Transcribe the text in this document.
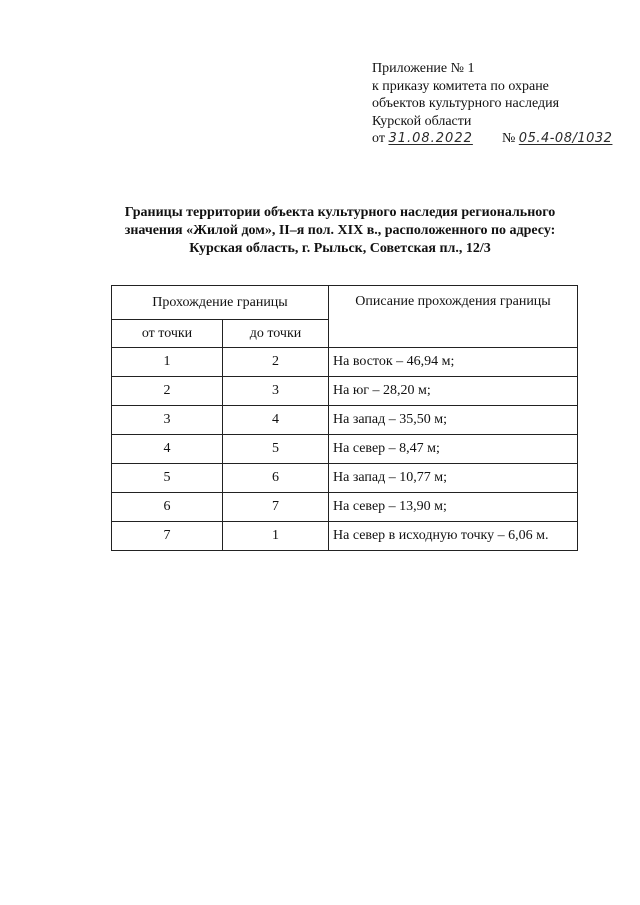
Приложение № 1
к приказу комитета по охране
объектов культурного наследия
Курской области
от 31.08.2022 № 05.4-08/1032
Границы территории объекта культурного наследия регионального
значения «Жилой дом», II–я пол. XIX в., расположенного по адресу:
Курская область, г. Рыльск, Советская пл., 12/3
Прохождение границы		Описание прохождения границы
от точки	до точки	
1	2	На восток – 46,94 м;
2	3	На юг – 28,20 м;
3	4	На запад – 35,50 м;
4	5	На север – 8,47 м;
5	6	На запад – 10,77 м;
6	7	На север – 13,90 м;
7	1	На север в исходную точку – 6,06 м.
